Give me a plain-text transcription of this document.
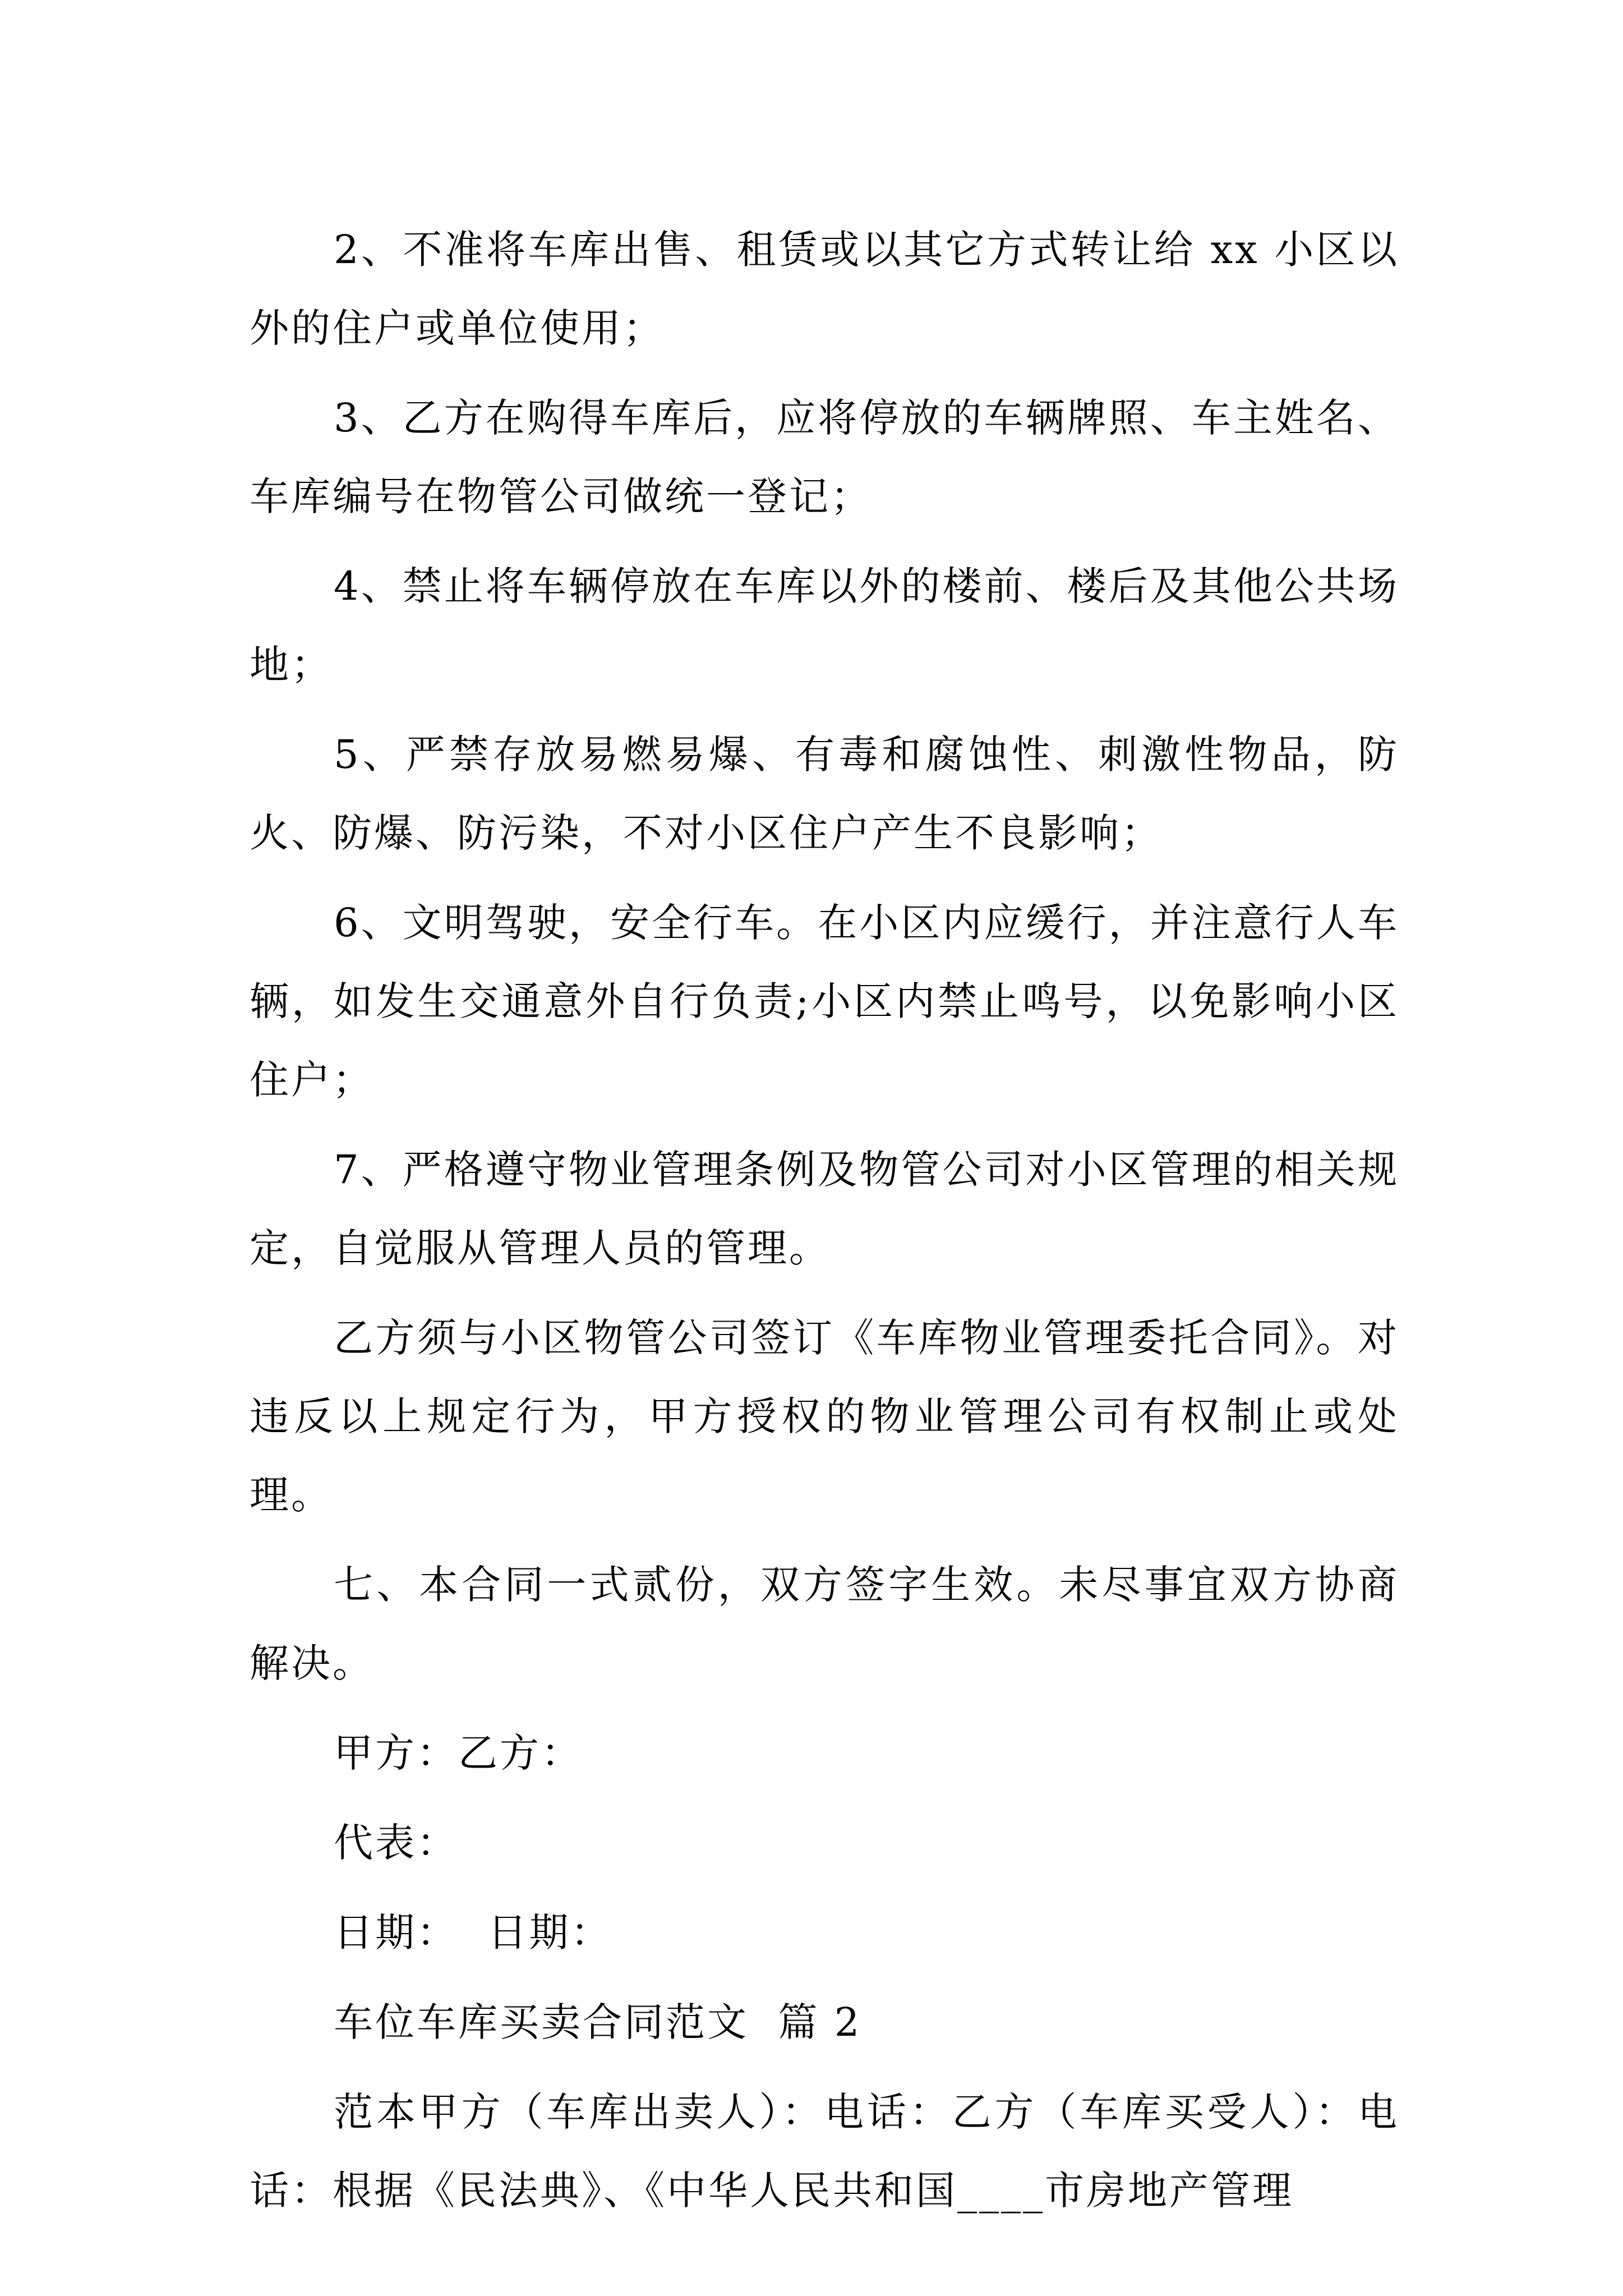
2、不准将车库出售、租赁或以其它方式转让给 xx 小区以外的住户或单位使用；

3、乙方在购得车库后，应将停放的车辆牌照、车主姓名、车库编号在物管公司做统一登记；

4、禁止将车辆停放在车库以外的楼前、楼后及其他公共场地；

5、严禁存放易燃易爆、有毒和腐蚀性、刺激性物品，防火、防爆、防污染，不对小区住户产生不良影响；

6、文明驾驶，安全行车。在小区内应缓行，并注意行人车辆，如发生交通意外自行负责;小区内禁止鸣号，以免影响小区住户；

7、严格遵守物业管理条例及物管公司对小区管理的相关规定，自觉服从管理人员的管理。

乙方须与小区物管公司签订《车库物业管理委托合同》。对违反以上规定行为，甲方授权的物业管理公司有权制止或处理。

七、本合同一式贰份，双方签字生效。未尽事宜双方协商解决。

甲方：乙方：

代表：

日期：  日期：

车位车库买卖合同范文  篇 2

范本甲方（车库出卖人）：电话：乙方（车库买受人）：电话：根据《民法典》、《中华人民共和国____市房地产管理
